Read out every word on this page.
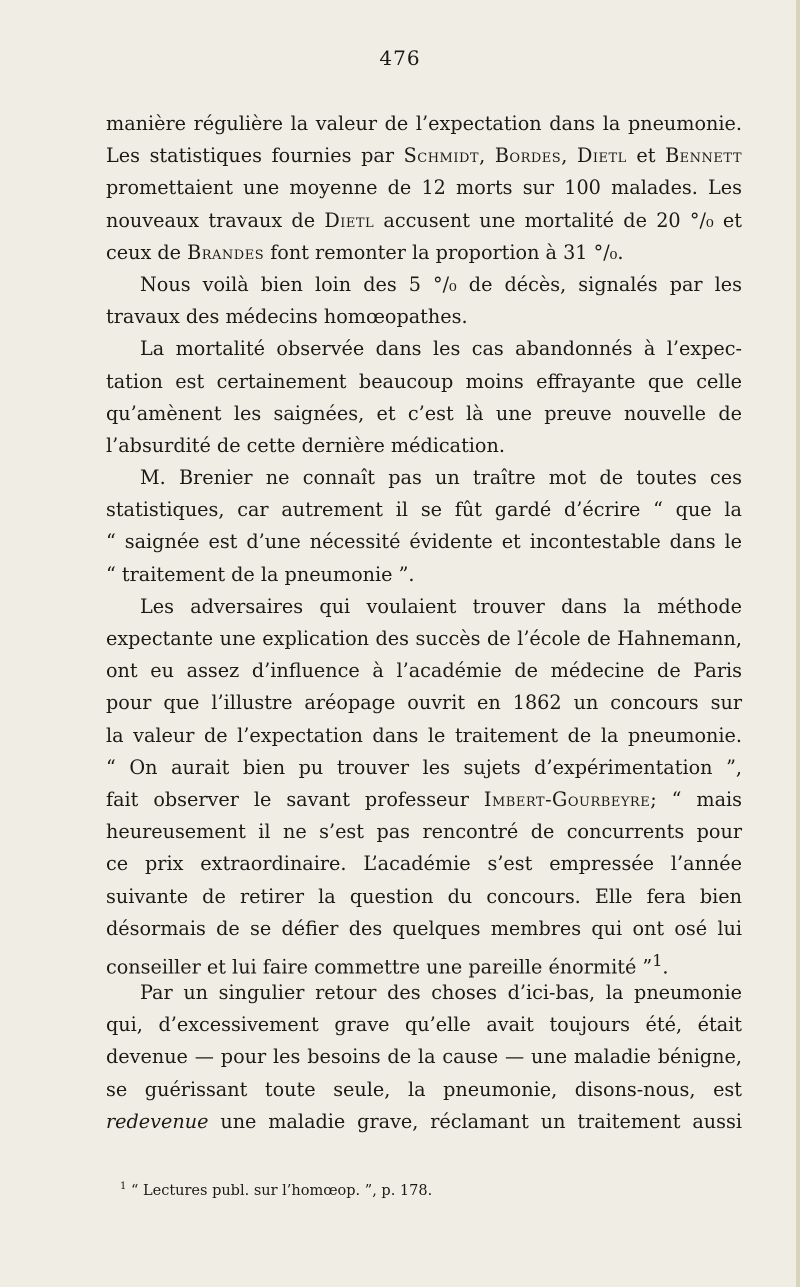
476
manière régulière la valeur de l’expectation dans la pneumonie.
Les statistiques fournies par Schmidt, Bordes, Dietl et Bennett
promettaient une moyenne de 12 morts sur 100 malades. Les
nouveaux travaux de Dietl accusent une mortalité de 20 °/₀ et
ceux de Brandes font remonter la proportion à 31 °/₀.
Nous voilà bien loin des 5 °/₀ de décès, signalés par les
travaux des médecins homœopathes.
La mortalité observée dans les cas abandonnés à l’expec-
tation est certainement beaucoup moins effrayante que celle
qu’amènent les saignées, et c’est là une preuve nouvelle de
l’absurdité de cette dernière médication.
M. Brenier ne connaît pas un traître mot de toutes ces
statistiques, car autrement il se fût gardé d’écrire “ que la
“ saignée est d’une nécessité évidente et incontestable dans le
“ traitement de la pneumonie ”.
Les adversaires qui voulaient trouver dans la méthode
expectante une explication des succès de l’école de Hahnemann,
ont eu assez d’influence à l’académie de médecine de Paris
pour que l’illustre aréopage ouvrit en 1862 un concours sur
la valeur de l’expectation dans le traitement de la pneumonie.
“ On aurait bien pu trouver les sujets d’expérimentation ”,
fait observer le savant professeur Imbert-Gourbeyre; “ mais
heureusement il ne s’est pas rencontré de concurrents pour
ce prix extraordinaire. L’académie s’est empressée l’année
suivante de retirer la question du concours. Elle fera bien
désormais de se défier des quelques membres qui ont osé lui
conseiller et lui faire commettre une pareille énormité ”$^1$.
Par un singulier retour des choses d’ici-bas, la pneumonie
qui, d’excessivement grave qu’elle avait toujours été, était
devenue — pour les besoins de la cause — une maladie bénigne,
se guérissant toute seule, la pneumonie, disons-nous, est
redevenue une maladie grave, réclamant un traitement aussi
$^1$ “ Lectures publ. sur l’homœop. ”, p. 178.
